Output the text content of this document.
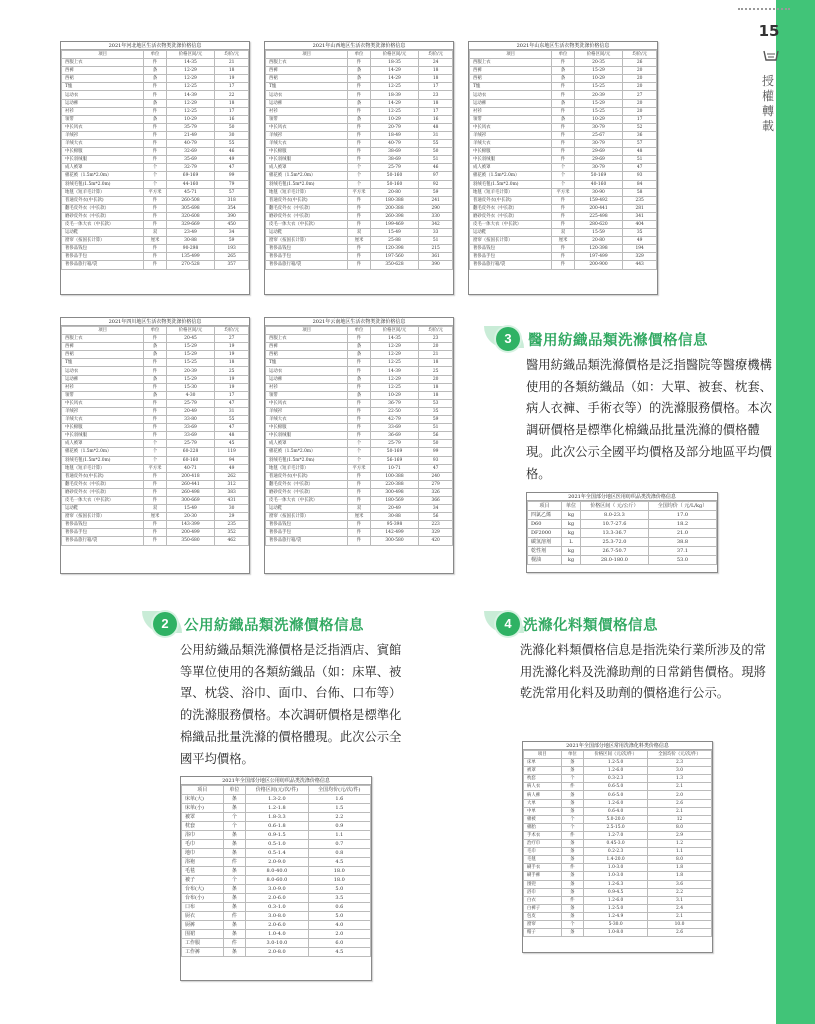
15
授權轉載
2021年河北地区生活衣物类洗涤价格信息
项目	单位	价格区间/元	均价/元
西服上衣	件	14-35	21
西裤	条	12-29	18
西裙	条	12-29	19
T恤	件	12-25	17
运动衣	件	14-39	22
运动裤	条	12-29	18
衬衫	件	12-25	17
领带	条	10-29	16
中长风衣	件	35-79	50
羊绒衫	件	21-49	30
羊绒大衣	件	40-79	55
中长棉服	件	32-69	46
中长羽绒服	件	35-69	49
成人被罩	个	32-79	47
棉花被（1.5m*2.0m）	个	69-169	99
羽绒毛毯(1.5m*2.0m)	个	44-160	79
地毯（短羊毛计算）	平方米	45-71	57
普通皮外衣(中长款)	件	260-508	318
翻毛皮外衣（中长款）	件	305-698	354
磨砂皮外衣（中长款）	件	320-608	390
皮毛一体大衣（中长款）	件	329-669	450
运动鞋	双	23-49	34
窗帘（按国长计算）	厘米	30-88	59
奢侈品钱包	件	90-298	193
奢侈品手包	件	135-499	265
奢侈品旅行箱/袋	件	270-528	357
2021年山西地区生活衣物类洗涤价格信息
项目	单位	价格区间/元	均价/元
西服上衣	件	18-35	24
西裤	条	14-29	18
西裙	条	14-29	18
T恤	件	12-25	17
运动衣	件	18-39	23
运动裤	条	14-29	18
衬衫	件	12-25	17
领带	条	10-29	16
中长风衣	件	20-79	48
羊绒衫	件	18-49	31
羊绒大衣	件	40-79	55
中长棉服	件	38-69	50
中长羽绒服	件	38-69	51
成人被罩	个	25-79	46
棉花被（1.5m*2.0m）	个	50-160	97
羽绒毛毯(1.5m*2.0m)	个	50-160	92
地毯（短羊毛计算）	平方米	20-80	59
普通皮外衣(中长款)	件	180-388	241
翻毛皮外衣（中长款）	件	200-388	290
磨砂皮外衣（中长款）	件	260-398	330
皮毛一体大衣（中长款）	件	199-469	342
运动鞋	双	15-49	33
窗帘（按国长计算）	厘米	25-88	51
奢侈品钱包	件	120-398	215
奢侈品手包	件	197-560	361
奢侈品旅行箱/袋	件	350-628	390
2021年山东地区生活衣物类洗涤价格信息
项目	单位	价格区间/元	均价/元
西服上衣	件	20-35	26
西裤	条	15-29	20
西裙	条	10-29	20
T恤	件	15-25	20
运动衣	件	20-39	27
运动裤	条	15-29	20
衬衫	件	15-25	20
领带	条	10-29	17
中长风衣	件	30-79	52
羊绒衫	件	25-67	36
羊绒大衣	件	30-79	57
中长棉服	件	29-69	48
中长羽绒服	件	29-69	51
成人被罩	个	30-79	47
棉花被（1.5m*2.0m）	个	50-169	93
羽绒毛毯(1.5m*2.0m)	个	40-160	84
地毯（短羊毛计算）	平方米	30-90	58
普通皮外衣(中长款)	件	159-492	235
翻毛皮外衣（中长款）	件	200-441	281
磨砂皮外衣（中长款）	件	225-498	341
皮毛一体大衣（中长款）	件	280-620	404
运动鞋	双	15-59	35
窗帘（按国长计算）	厘米	20-80	49
奢侈品钱包	件	120-398	194
奢侈品手包	件	197-499	329
奢侈品旅行箱/袋	件	200-900	443
2021年四川地区生活衣物类洗涤价格信息
项目	单位	价格区间/元	均价/元
西服上衣	件	20-45	27
西裤	条	15-29	19
西裙	条	15-29	19
T恤	件	15-25	18
运动衣	件	20-39	25
运动裤	条	15-29	19
衬衫	件	15-30	19
领带	条	4-30	17
中长风衣	件	25-79	47
羊绒衫	件	20-49	31
羊绒大衣	件	33-80	55
中长棉服	件	33-69	47
中长羽绒服	件	33-69	48
成人被罩	个	25-79	45
棉花被（1.5m*2.0m）	个	60-228	119
羽绒毛毯(1.5m*2.0m)	个	60-160	94
地毯（短羊毛计算）	平方米	40-71	49
普通皮外衣(中长款)	件	200-418	262
翻毛皮外衣（中长款）	件	260-441	312
磨砂皮外衣（中长款）	件	260-498	383
皮毛一体大衣（中长款）	件	300-669	431
运动鞋	双	15-49	30
窗帘（按国长计算）	厘米	20-30	29
奢侈品钱包	件	143-399	235
奢侈品手包	件	200-499	352
奢侈品旅行箱/袋	件	350-680	462
2021年云南地区生活衣物类洗涤价格信息
项目	单位	价格区间/元	均价/元
西服上衣	件	14-35	23
西裤	条	12-29	20
西裙	条	12-29	21
T恤	件	12-25	18
运动衣	件	14-39	25
运动裤	条	12-29	20
衬衫	件	12-25	18
领带	条	10-29	18
中长风衣	件	36-79	53
羊绒衫	件	22-50	35
羊绒大衣	件	42-79	59
中长棉服	件	33-69	51
中长羽绒服	件	36-69	56
成人被罩	个	25-79	50
棉花被（1.5m*2.0m）	个	50-169	99
羽绒毛毯(1.5m*2.0m)	个	56-169	93
地毯（短羊毛计算）	平方米	10-71	47
普通皮外衣(中长款)	件	100-388	240
翻毛皮外衣（中长款）	件	220-388	279
磨砂皮外衣（中长款）	件	300-498	326
皮毛一体大衣（中长款）	件	180-569	366
运动鞋	双	20-49	34
窗帘（按国长计算）	厘米	30-88	56
奢侈品钱包	件	95-398	223
奢侈品手包	件	142-499	329
奢侈品旅行箱/袋	件	300-580	420
3	醫用紡織品類洗滌價格信息
醫用紡織品類洗滌價格是泛指醫院等醫療機構使用的各類紡織品（如：大單、被套、枕套、病人衣褲、手術衣等）的洗滌服務價格。本次調研價格是標準化棉織品批量洗滌的價格體現。此次公示全國平均價格及部分地區平均價格。
2021年全国部分地区医用纺织品类洗涤价格信息
项目	单位	价格区间（ 元/公斤）	全国均价（ 元/L/kg）
四氯乙烯	kg	8.0-23.3	17.0
D60	kg	10.7-27.6	18.2
DF2000	kg	13.3-36.7	21.0
碳氢溶剂	L	25.3-72.0	38.8
乾性剂	kg	26.7-50.7	37.1
枧油	kg	28.0-180.0	53.0
2	公用紡織品類洗滌價格信息
公用紡織品類洗滌價格是泛指酒店、賓館等單位使用的各類紡織品（如：床單、被罩、枕袋、浴巾、面巾、台佈、口布等）的洗滌服務價格。本次調研價格是標準化棉織品批量洗滌的價格體現。此次公示全國平均價格。
2021年全国部分地区公用纺织品类洗涤价格信息
项目	单位	价格区间(元/次/件)	全国均价(元/次/件)
床单(大)	条	1.3-2.0	1.6
床单(小)	条	1.2-1.8	1.5
被罩	个	1.8-3.3	2.2
枕套	个	0.6-1.8	0.9
浴巾	条	0.9-1.5	1.1
毛巾	条	0.5-1.0	0.7
地巾	条	0.5-1.4	0.8
浴袍	件	2.0-9.0	4.5
毛毯	条	8.0-40.0	18.0
被子	个	8.0-60.0	18.0
台布(大)	条	3.0-9.0	5.0
台布(小)	条	2.0-6.0	3.5
口布	条	0.3-1.0	0.6
厨衣	件	3.0-8.0	5.0
厨裤	条	2.0-6.0	4.0
围裙	条	1.0-4.0	2.0
工作服	件	3.0-10.0	6.0
工作裤	条	2.0-8.0	4.5
4 洗滌化料類價格信息
洗滌化料類價格信息是指洗染行業所涉及的常用洗滌化料及洗滌助劑的日常銷售價格。現將乾洗常用化料及助劑的價格進行公示。
2021年全国部分地区常用洗涤化料类价格信息
项目	单位	价格区间（元/次/件）	全国均价（元/次/件）
床单	条	1.2-5.0	2.3
被罩	条	1.2-6.0	3.0
枕套	个	0.3-2.3	1.3
病人衣	件	0.6-5.0	2.1
病人裤	条	0.6-5.0	2.0
大单	条	1.2-6.0	2.6
中单	条	0.6-4.0	2.1
棉被	个	5.0-20.0	12
棉胎	个	2.5-15.0	8.0
手术衣	件	1.2-7.0	2.9
治疗巾	条	0.45-3.0	1.2
毛巾	条	0.2-2.3	1.1
毛毯	条	1.4-20.0	8.0
刷手衣	件	1.0-3.0	1.8
刷手裤	条	1.0-3.0	1.8
围兜	条	1.2-6.3	3.6
浴巾	条	0.9-4.5	2.2
白衣	件	1.2-6.0	3.1
白裤子	条	1.2-5.0	2.4
包皮	条	1.2-4.9	2.1
窗帘	个	5-30.0	10.0
帽子	条	1.0-8.0	2.6
